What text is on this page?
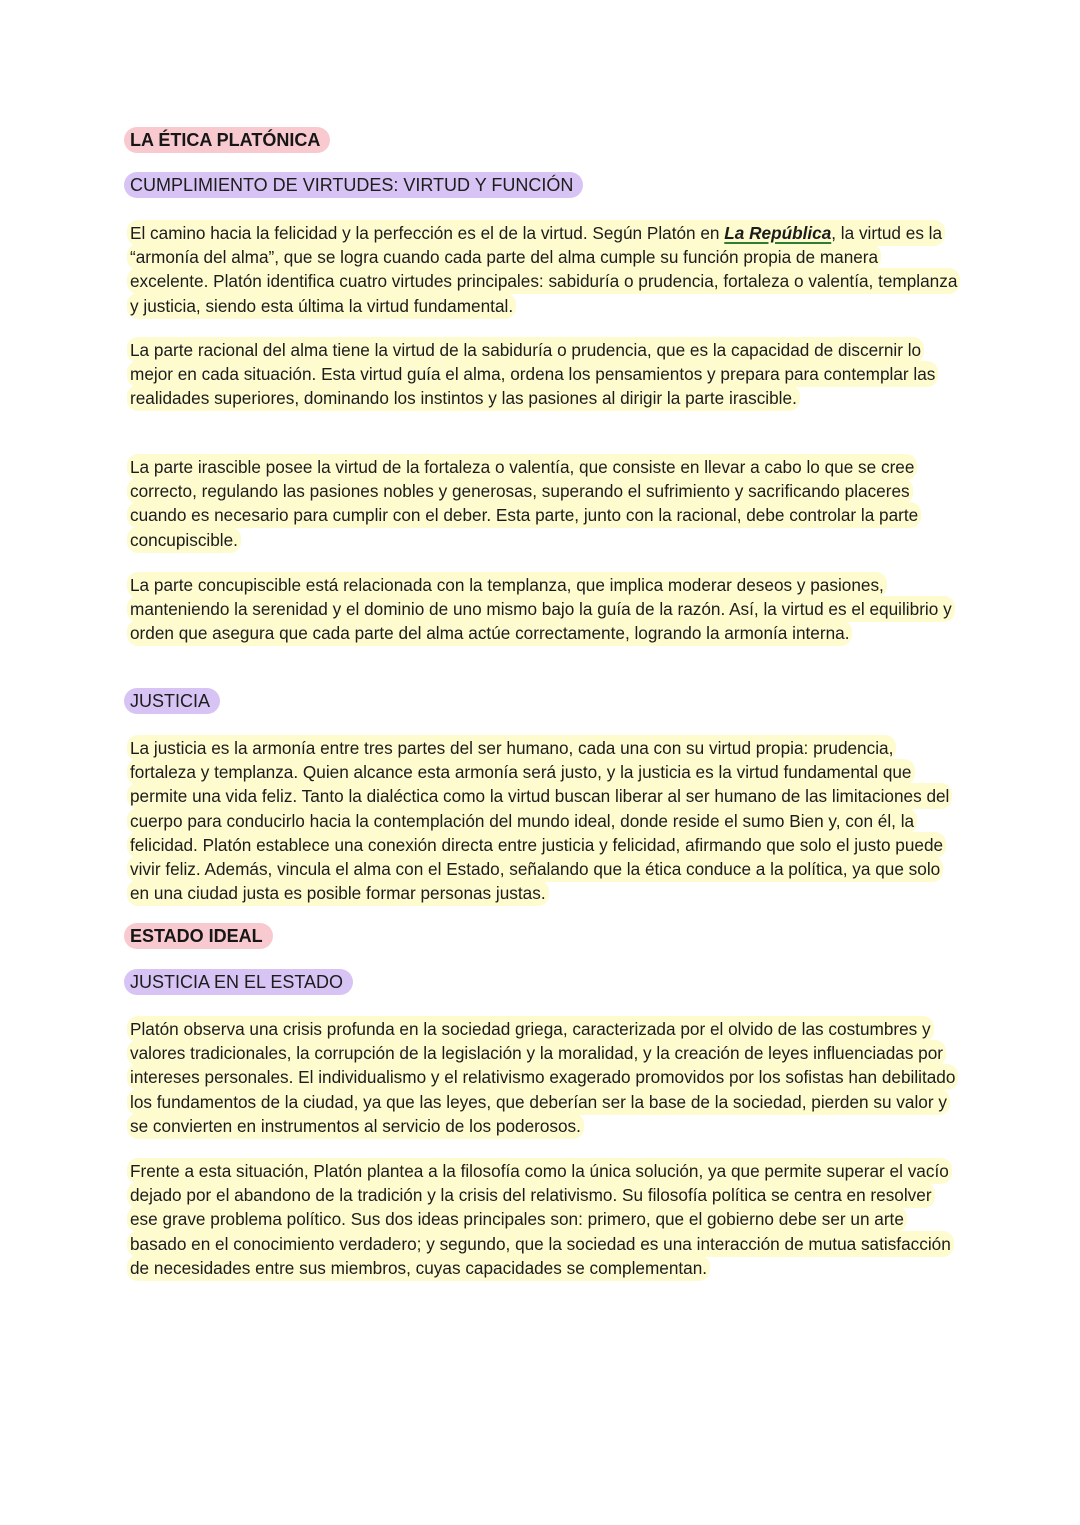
LA ÉTICA PLATÓNICA
CUMPLIMIENTO DE VIRTUDES: VIRTUD Y FUNCIÓN

El camino hacia la felicidad y la perfección es el de la virtud. Según Platón en La República, la virtud es la “armonía del alma”, que se logra cuando cada parte del alma cumple su función propia de manera excelente. Platón identifica cuatro virtudes principales: sabiduría o prudencia, fortaleza o valentía, templanza y justicia, siendo esta última la virtud fundamental.

La parte racional del alma tiene la virtud de la sabiduría o prudencia, que es la capacidad de discernir lo mejor en cada situación. Esta virtud guía el alma, ordena los pensamientos y prepara para contemplar las realidades superiores, dominando los instintos y las pasiones al dirigir la parte irascible.

La parte irascible posee la virtud de la fortaleza o valentía, que consiste en llevar a cabo lo que se cree correcto, regulando las pasiones nobles y generosas, superando el sufrimiento y sacrificando placeres cuando es necesario para cumplir con el deber. Esta parte, junto con la racional, debe controlar la parte concupiscible.

La parte concupiscible está relacionada con la templanza, que implica moderar deseos y pasiones, manteniendo la serenidad y el dominio de uno mismo bajo la guía de la razón. Así, la virtud es el equilibrio y orden que asegura que cada parte del alma actúe correctamente, logrando la armonía interna.

JUSTICIA

La justicia es la armonía entre tres partes del ser humano, cada una con su virtud propia: prudencia, fortaleza y templanza. Quien alcance esta armonía será justo, y la justicia es la virtud fundamental que permite una vida feliz. Tanto la dialéctica como la virtud buscan liberar al ser humano de las limitaciones del cuerpo para conducirlo hacia la contemplación del mundo ideal, donde reside el sumo Bien y, con él, la felicidad. Platón establece una conexión directa entre justicia y felicidad, afirmando que solo el justo puede vivir feliz. Además, vincula el alma con el Estado, señalando que la ética conduce a la política, ya que solo en una ciudad justa es posible formar personas justas.

ESTADO IDEAL
JUSTICIA EN EL ESTADO

Platón observa una crisis profunda en la sociedad griega, caracterizada por el olvido de las costumbres y valores tradicionales, la corrupción de la legislación y la moralidad, y la creación de leyes influenciadas por intereses personales. El individualismo y el relativismo exagerado promovidos por los sofistas han debilitado los fundamentos de la ciudad, ya que las leyes, que deberían ser la base de la sociedad, pierden su valor y se convierten en instrumentos al servicio de los poderosos.

Frente a esta situación, Platón plantea a la filosofía como la única solución, ya que permite superar el vacío dejado por el abandono de la tradición y la crisis del relativismo. Su filosofía política se centra en resolver ese grave problema político. Sus dos ideas principales son: primero, que el gobierno debe ser un arte basado en el conocimiento verdadero; y segundo, que la sociedad es una interacción de mutua satisfacción de necesidades entre sus miembros, cuyas capacidades se complementan.
